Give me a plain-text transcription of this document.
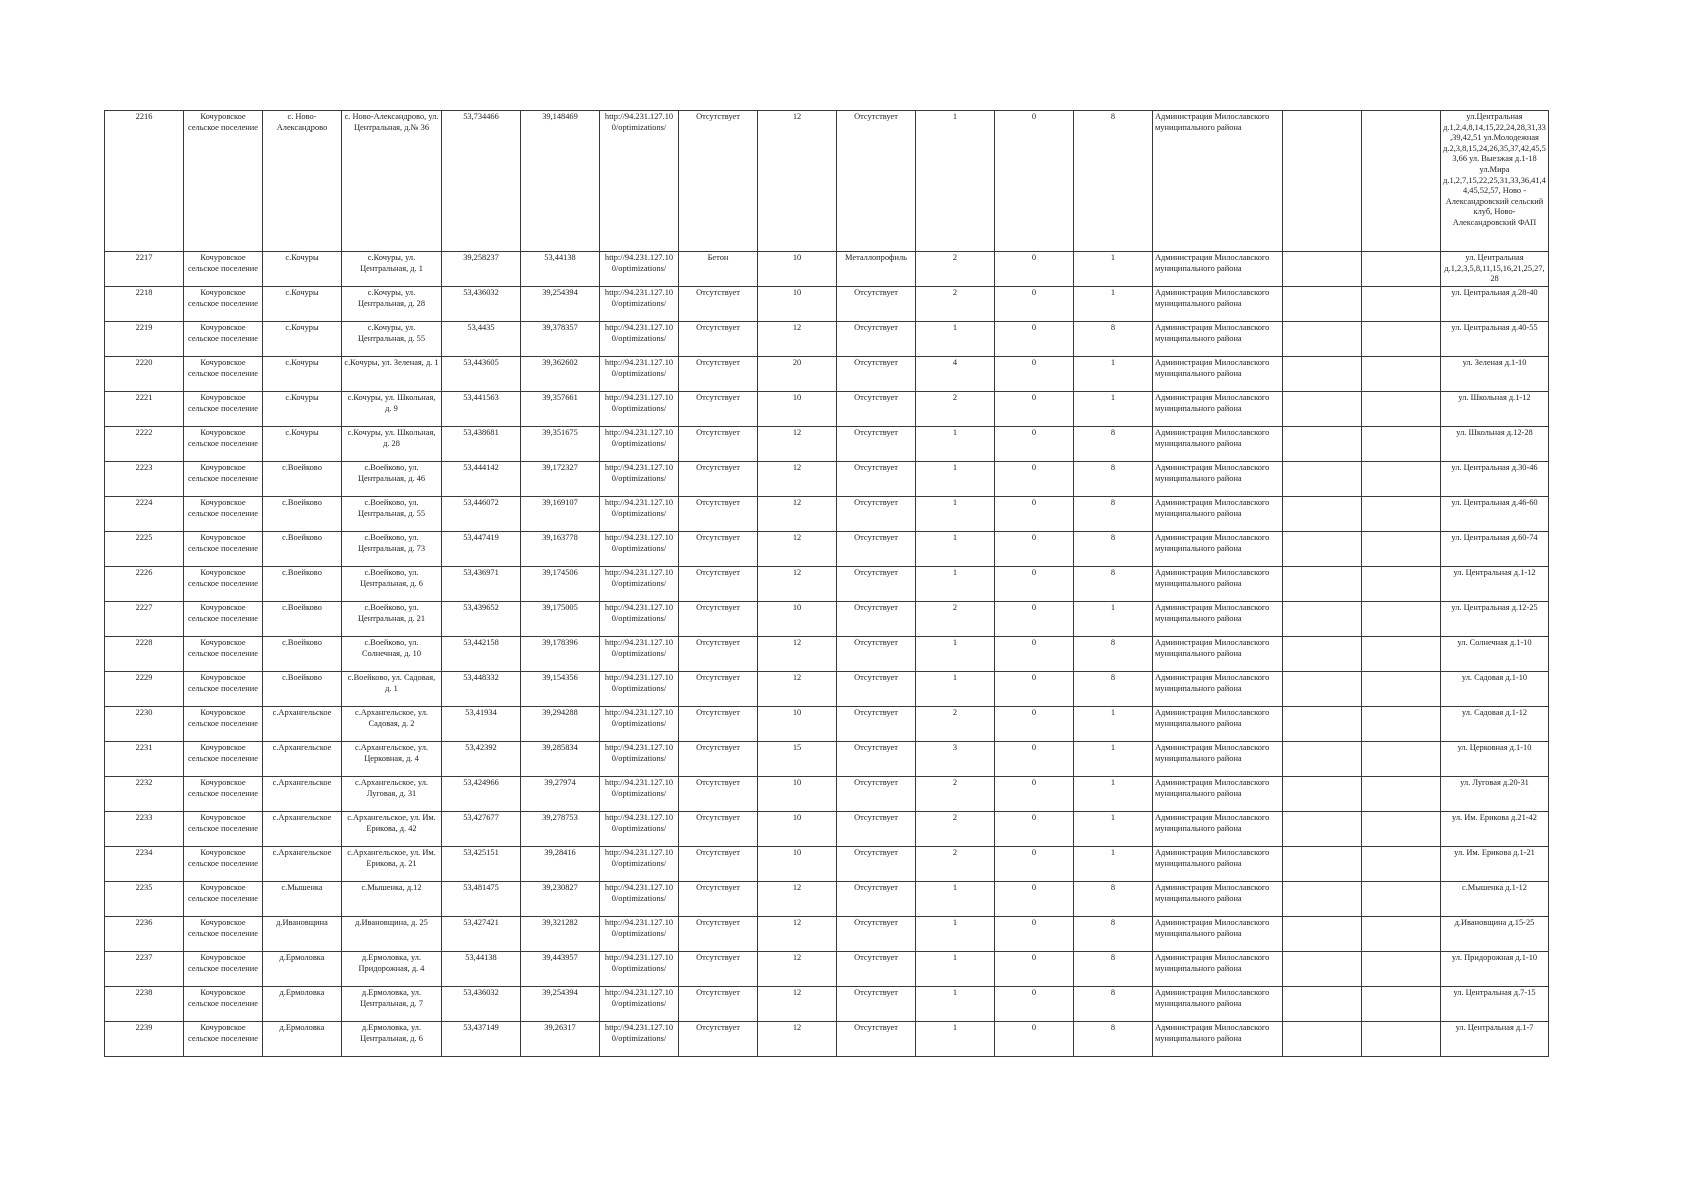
2216	Кочуровское сельское поселение	с. Ново-Александрово	с. Ново-Александрово, ул. Центральная, д.№ 36	53,734466	39,148469	http://94.231.127.10 0/optimizations/	Отсутствует	12	Отсутствует	1	0	8	Администрация Милославского муниципального района			ул.Центральная д.1,2,4,8,14,15,22,24,28,31,33,39,42,51 ул.Молодежная д.2,3,8,15,24,26,35,37,42,45,53,66 ул. Выезжая д.1-18 ул.Мира д.1,2,7,15,22,25,31,33,36,41,44,45,52,57, Ново - Александровский сельский клуб, Ново-Александровский ФАП
2217	Кочуровское сельское поселение	с.Кочуры	с.Кочуры, ул. Центральная, д. 1	39,258237	53,44138	http://94.231.127.10 0/optimizations/	Бетон	10	Металлопрофиль	2	0	1	Администрация Милославского муниципального района			ул. Центральная д.1,2,3,5,8,11,15,16,21,25,27,28
2218	Кочуровское сельское поселение	с.Кочуры	с.Кочуры, ул. Центральная, д. 28	53,436032	39,254394	http://94.231.127.10 0/optimizations/	Отсутствует	10	Отсутствует	2	0	1	Администрация Милославского муниципального района			ул. Центральная д.28-40
2219	Кочуровское сельское поселение	с.Кочуры	с.Кочуры, ул. Центральная, д. 55	53,4435	39,378357	http://94.231.127.10 0/optimizations/	Отсутствует	12	Отсутствует	1	0	8	Администрация Милославского муниципального района			ул. Центральная д.40-55
2220	Кочуровское сельское поселение	с.Кочуры	с.Кочуры, ул. Зеленая, д. 1	53,443605	39,362602	http://94.231.127.10 0/optimizations/	Отсутствует	20	Отсутствует	4	0	1	Администрация Милославского муниципального района			ул. Зеленая д.1-10
2221	Кочуровское сельское поселение	с.Кочуры	с.Кочуры, ул. Школьная, д. 9	53,441563	39,357661	http://94.231.127.10 0/optimizations/	Отсутствует	10	Отсутствует	2	0	1	Администрация Милославского муниципального района			ул. Школьная д.1-12
2222	Кочуровское сельское поселение	с.Кочуры	с.Кочуры, ул. Школьная, д. 28	53,438681	39,351675	http://94.231.127.10 0/optimizations/	Отсутствует	12	Отсутствует	1	0	8	Администрация Милославского муниципального района			ул. Школьная д.12-28
2223	Кочуровское сельское поселение	с.Воейково	с.Воейково, ул. Центральная, д. 46	53,444142	39,172327	http://94.231.127.10 0/optimizations/	Отсутствует	12	Отсутствует	1	0	8	Администрация Милославского муниципального района			ул. Центральная д.30-46
2224	Кочуровское сельское поселение	с.Воейково	с.Воейково, ул. Центральная, д. 55	53,446072	39,169107	http://94.231.127.10 0/optimizations/	Отсутствует	12	Отсутствует	1	0	8	Администрация Милославского муниципального района			ул. Центральная д.46-60
2225	Кочуровское сельское поселение	с.Воейково	с.Воейково, ул. Центральная, д. 73	53,447419	39,163778	http://94.231.127.10 0/optimizations/	Отсутствует	12	Отсутствует	1	0	8	Администрация Милославского муниципального района			ул. Центральная д.60-74
2226	Кочуровское сельское поселение	с.Воейково	с.Воейково, ул. Центральная, д. 6	53,436971	39,174506	http://94.231.127.10 0/optimizations/	Отсутствует	12	Отсутствует	1	0	8	Администрация Милославского муниципального района			ул. Центральная д.1-12
2227	Кочуровское сельское поселение	с.Воейково	с.Воейково, ул. Центральная, д. 21	53,439652	39,175005	http://94.231.127.10 0/optimizations/	Отсутствует	10	Отсутствует	2	0	1	Администрация Милославского муниципального района			ул. Центральная д.12-25
2228	Кочуровское сельское поселение	с.Воейково	с.Воейково, ул. Солнечная, д. 10	53,442158	39,178396	http://94.231.127.10 0/optimizations/	Отсутствует	12	Отсутствует	1	0	8	Администрация Милославского муниципального района			ул. Солнечная д.1-10
2229	Кочуровское сельское поселение	с.Воейково	с.Воейково, ул. Садовая, д. 1	53,448332	39,154356	http://94.231.127.10 0/optimizations/	Отсутствует	12	Отсутствует	1	0	8	Администрация Милославского муниципального района			ул. Садовая д.1-10
2230	Кочуровское сельское поселение	с.Архангельское	с.Архангельское, ул. Садовая, д. 2	53,41934	39,294288	http://94.231.127.10 0/optimizations/	Отсутствует	10	Отсутствует	2	0	1	Администрация Милославского муниципального района			ул. Садовая д.1-12
2231	Кочуровское сельское поселение	с.Архангельское	с.Архангельское, ул. Церковная, д. 4	53,42392	39,285834	http://94.231.127.10 0/optimizations/	Отсутствует	15	Отсутствует	3	0	1	Администрация Милославского муниципального района			ул. Церковная д.1-10
2232	Кочуровское сельское поселение	с.Архангельское	с.Архангельское, ул. Луговая, д. 31	53,424966	39,27974	http://94.231.127.10 0/optimizations/	Отсутствует	10	Отсутствует	2	0	1	Администрация Милославского муниципального района			ул. Луговая д.20-31
2233	Кочуровское сельское поселение	с.Архангельское	с.Архангельское, ул. Им. Ерикова, д. 42	53,427677	39,278753	http://94.231.127.10 0/optimizations/	Отсутствует	10	Отсутствует	2	0	1	Администрация Милославского муниципального района			ул. Им. Ерикова д.21-42
2234	Кочуровское сельское поселение	с.Архангельское	с.Архангельское, ул. Им. Ерикова, д. 21	53,425151	39,28416	http://94.231.127.10 0/optimizations/	Отсутствует	10	Отсутствует	2	0	1	Администрация Милославского муниципального района			ул. Им. Ерикова д.1-21
2235	Кочуровское сельское поселение	с.Мышенка	с.Мышенка, д.12	53,481475	39,230827	http://94.231.127.10 0/optimizations/	Отсутствует	12	Отсутствует	1	0	8	Администрация Милославского муниципального района			с.Мышенка д.1-12
2236	Кочуровское сельское поселение	д.Ивановщина	д.Ивановщина, д. 25	53,427421	39,321282	http://94.231.127.10 0/optimizations/	Отсутствует	12	Отсутствует	1	0	8	Администрация Милославского муниципального района			д.Ивановщина д.15-25
2237	Кочуровское сельское поселение	д.Ермоловка	д.Ермоловка, ул. Придорожная, д. 4	53,44138	39,443957	http://94.231.127.10 0/optimizations/	Отсутствует	12	Отсутствует	1	0	8	Администрация Милославского муниципального района			ул. Придорожная д.1-10
2238	Кочуровское сельское поселение	д.Ермоловка	д.Ермоловка, ул. Центральная, д. 7	53,436032	39,254394	http://94.231.127.10 0/optimizations/	Отсутствует	12	Отсутствует	1	0	8	Администрация Милославского муниципального района			ул. Центральная д.7-15
2239	Кочуровское сельское поселение	д.Ермоловка	д.Ермоловка, ул. Центральная, д. 6	53,437149	39,26317	http://94.231.127.10 0/optimizations/	Отсутствует	12	Отсутствует	1	0	8	Администрация Милославского муниципального района			ул. Центральная д.1-7
